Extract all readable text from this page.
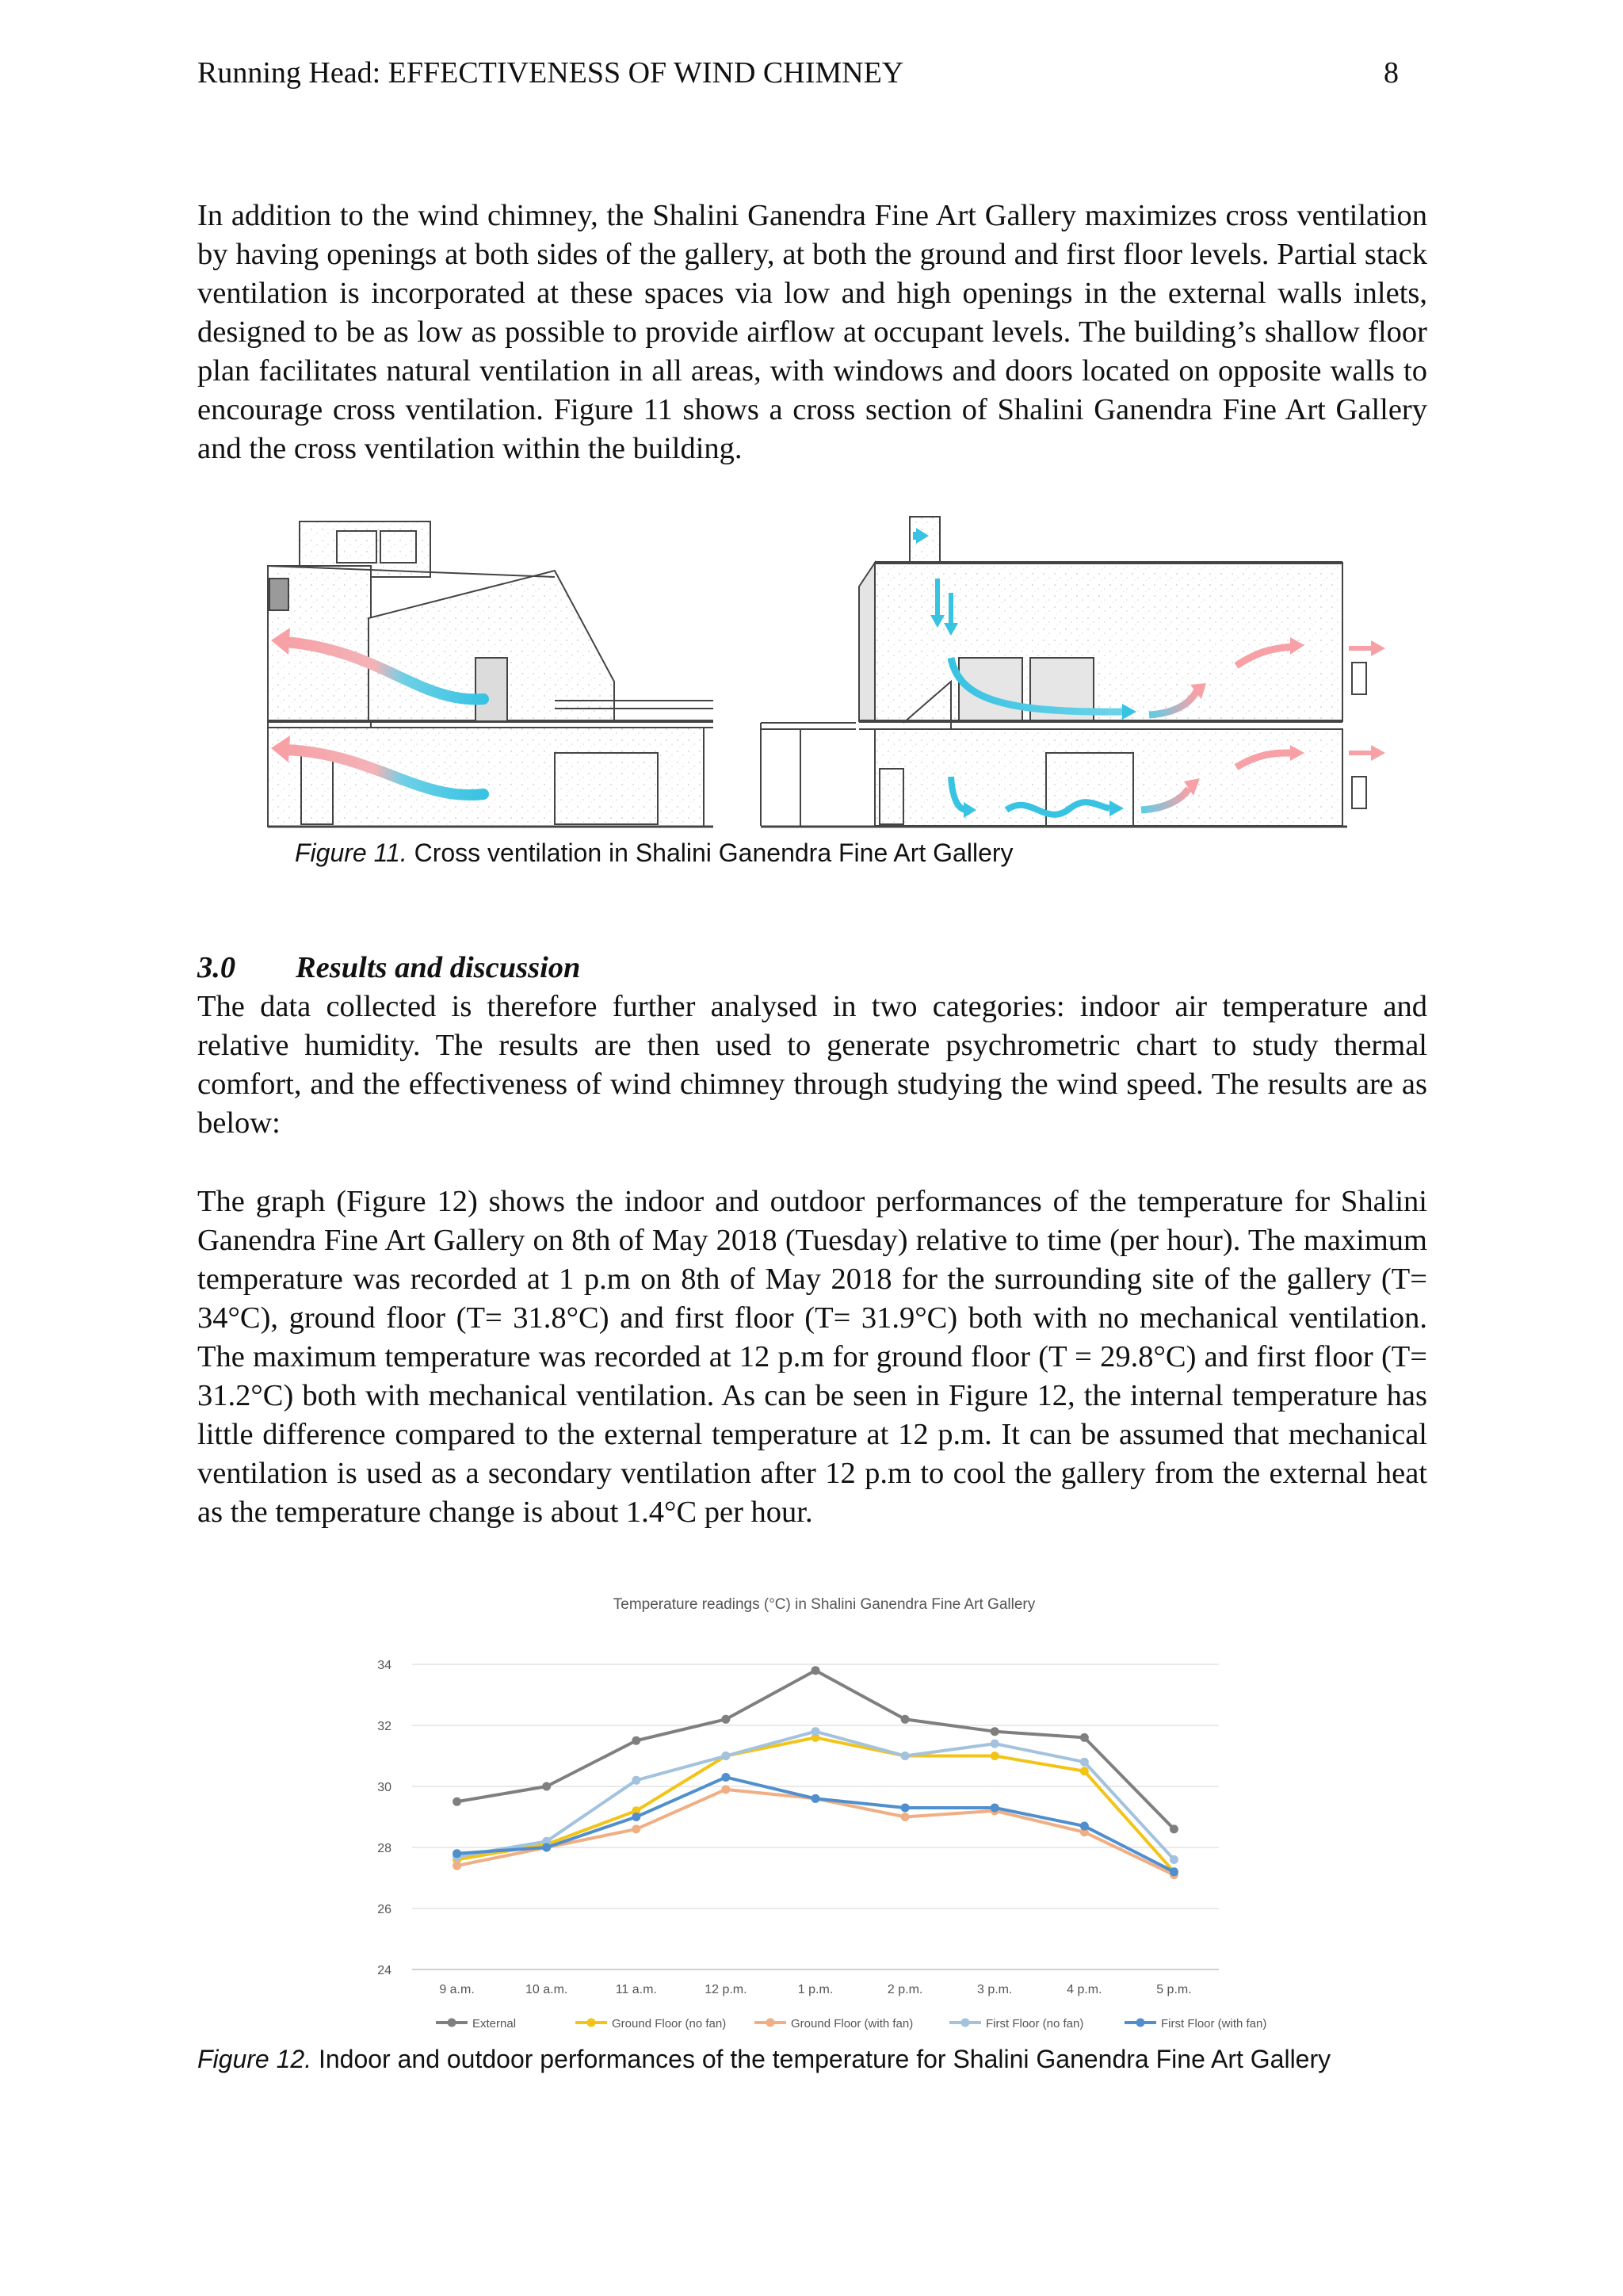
Running Head: EFFECTIVENESS OF WIND CHIMNEY	8
In addition to the wind chimney, the Shalini Ganendra Fine Art Gallery maximizes cross ventilation by having openings at both sides of the gallery, at both the ground and first floor levels. Partial stack ventilation is incorporated at these spaces via low and high openings in the external walls inlets, designed to be as low as possible to provide airflow at occupant levels. The building’s shallow floor plan facilitates natural ventilation in all areas, with windows and doors located on opposite walls to encourage cross ventilation. Figure 11 shows a cross section of Shalini Ganendra Fine Art Gallery and the cross ventilation within the building.
Figure 11. Cross ventilation in Shalini Ganendra Fine Art Gallery
3.0 Results and discussion
The data collected is therefore further analysed in two categories: indoor air temperature and relative humidity. The results are then used to generate psychrometric chart to study thermal comfort, and the effectiveness of wind chimney through studying the wind speed. The results are as below:
The graph (Figure 12) shows the indoor and outdoor performances of the temperature for Shalini Ganendra Fine Art Gallery on 8th of May 2018 (Tuesday) relative to time (per hour). The maximum temperature was recorded at 1 p.m on 8th of May 2018 for the surrounding site of the gallery (T= 34°C), ground floor (T= 31.8°C) and first floor (T= 31.9°C) both with no mechanical ventilation. The maximum temperature was recorded at 12 p.m for ground floor (T = 29.8°C) and first floor (T= 31.2°C) both with mechanical ventilation. As can be seen in Figure 12, the internal temperature has little difference compared to the external temperature at 12 p.m. It can be assumed that mechanical ventilation is used as a secondary ventilation after 12 p.m to cool the gallery from the external heat as the temperature change is about 1.4°C per hour.
Temperature readings (°C) in Shalini Ganendra Fine Art Gallery
24
26
28
30
32
34
9 a.m.	10 a.m.	11 a.m.	12 p.m.	1 p.m.	2 p.m.	3 p.m.	4 p.m.	5 p.m.
External	Ground Floor (no fan)	Ground Floor (with fan)	First Floor (no fan)	First Floor (with fan)
Figure 12. Indoor and outdoor performances of the temperature for Shalini Ganendra Fine Art Gallery
